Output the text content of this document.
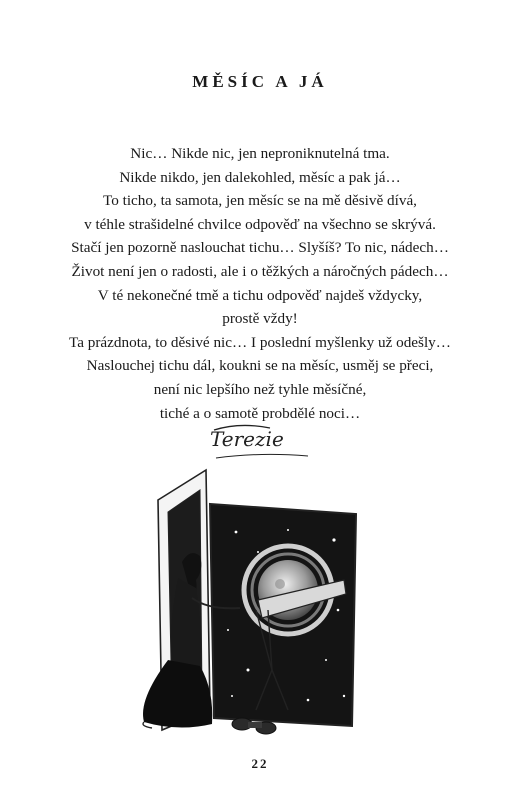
MĚSÍC A JÁ
Nic… Nikde nic, jen neproniknutelná tma.
Nikde nikdo, jen dalekohled, měsíc a pak já…
To ticho, ta samota, jen měsíc se na mě děsivě dívá,
v téhle strašidelné chvilce odpověď na všechno se skrývá.
Stačí jen pozorně naslouchat tichu… Slyšíš? To nic, nádech…
Život není jen o radosti, ale i o těžkých a náročných pádech…
V té nekonečné tmě a tichu odpověď najdeš vždycky,
prostě vždy!
Ta prázdnota, to děsivé nic… I poslední myšlenky už odešly…
Naslouchej tichu dál, koukni se na měsíc, usměj se přeci,
není nic lepšího než tyhle měsíčné,
tiché a o samotě probdělé noci…
Terezie
22
